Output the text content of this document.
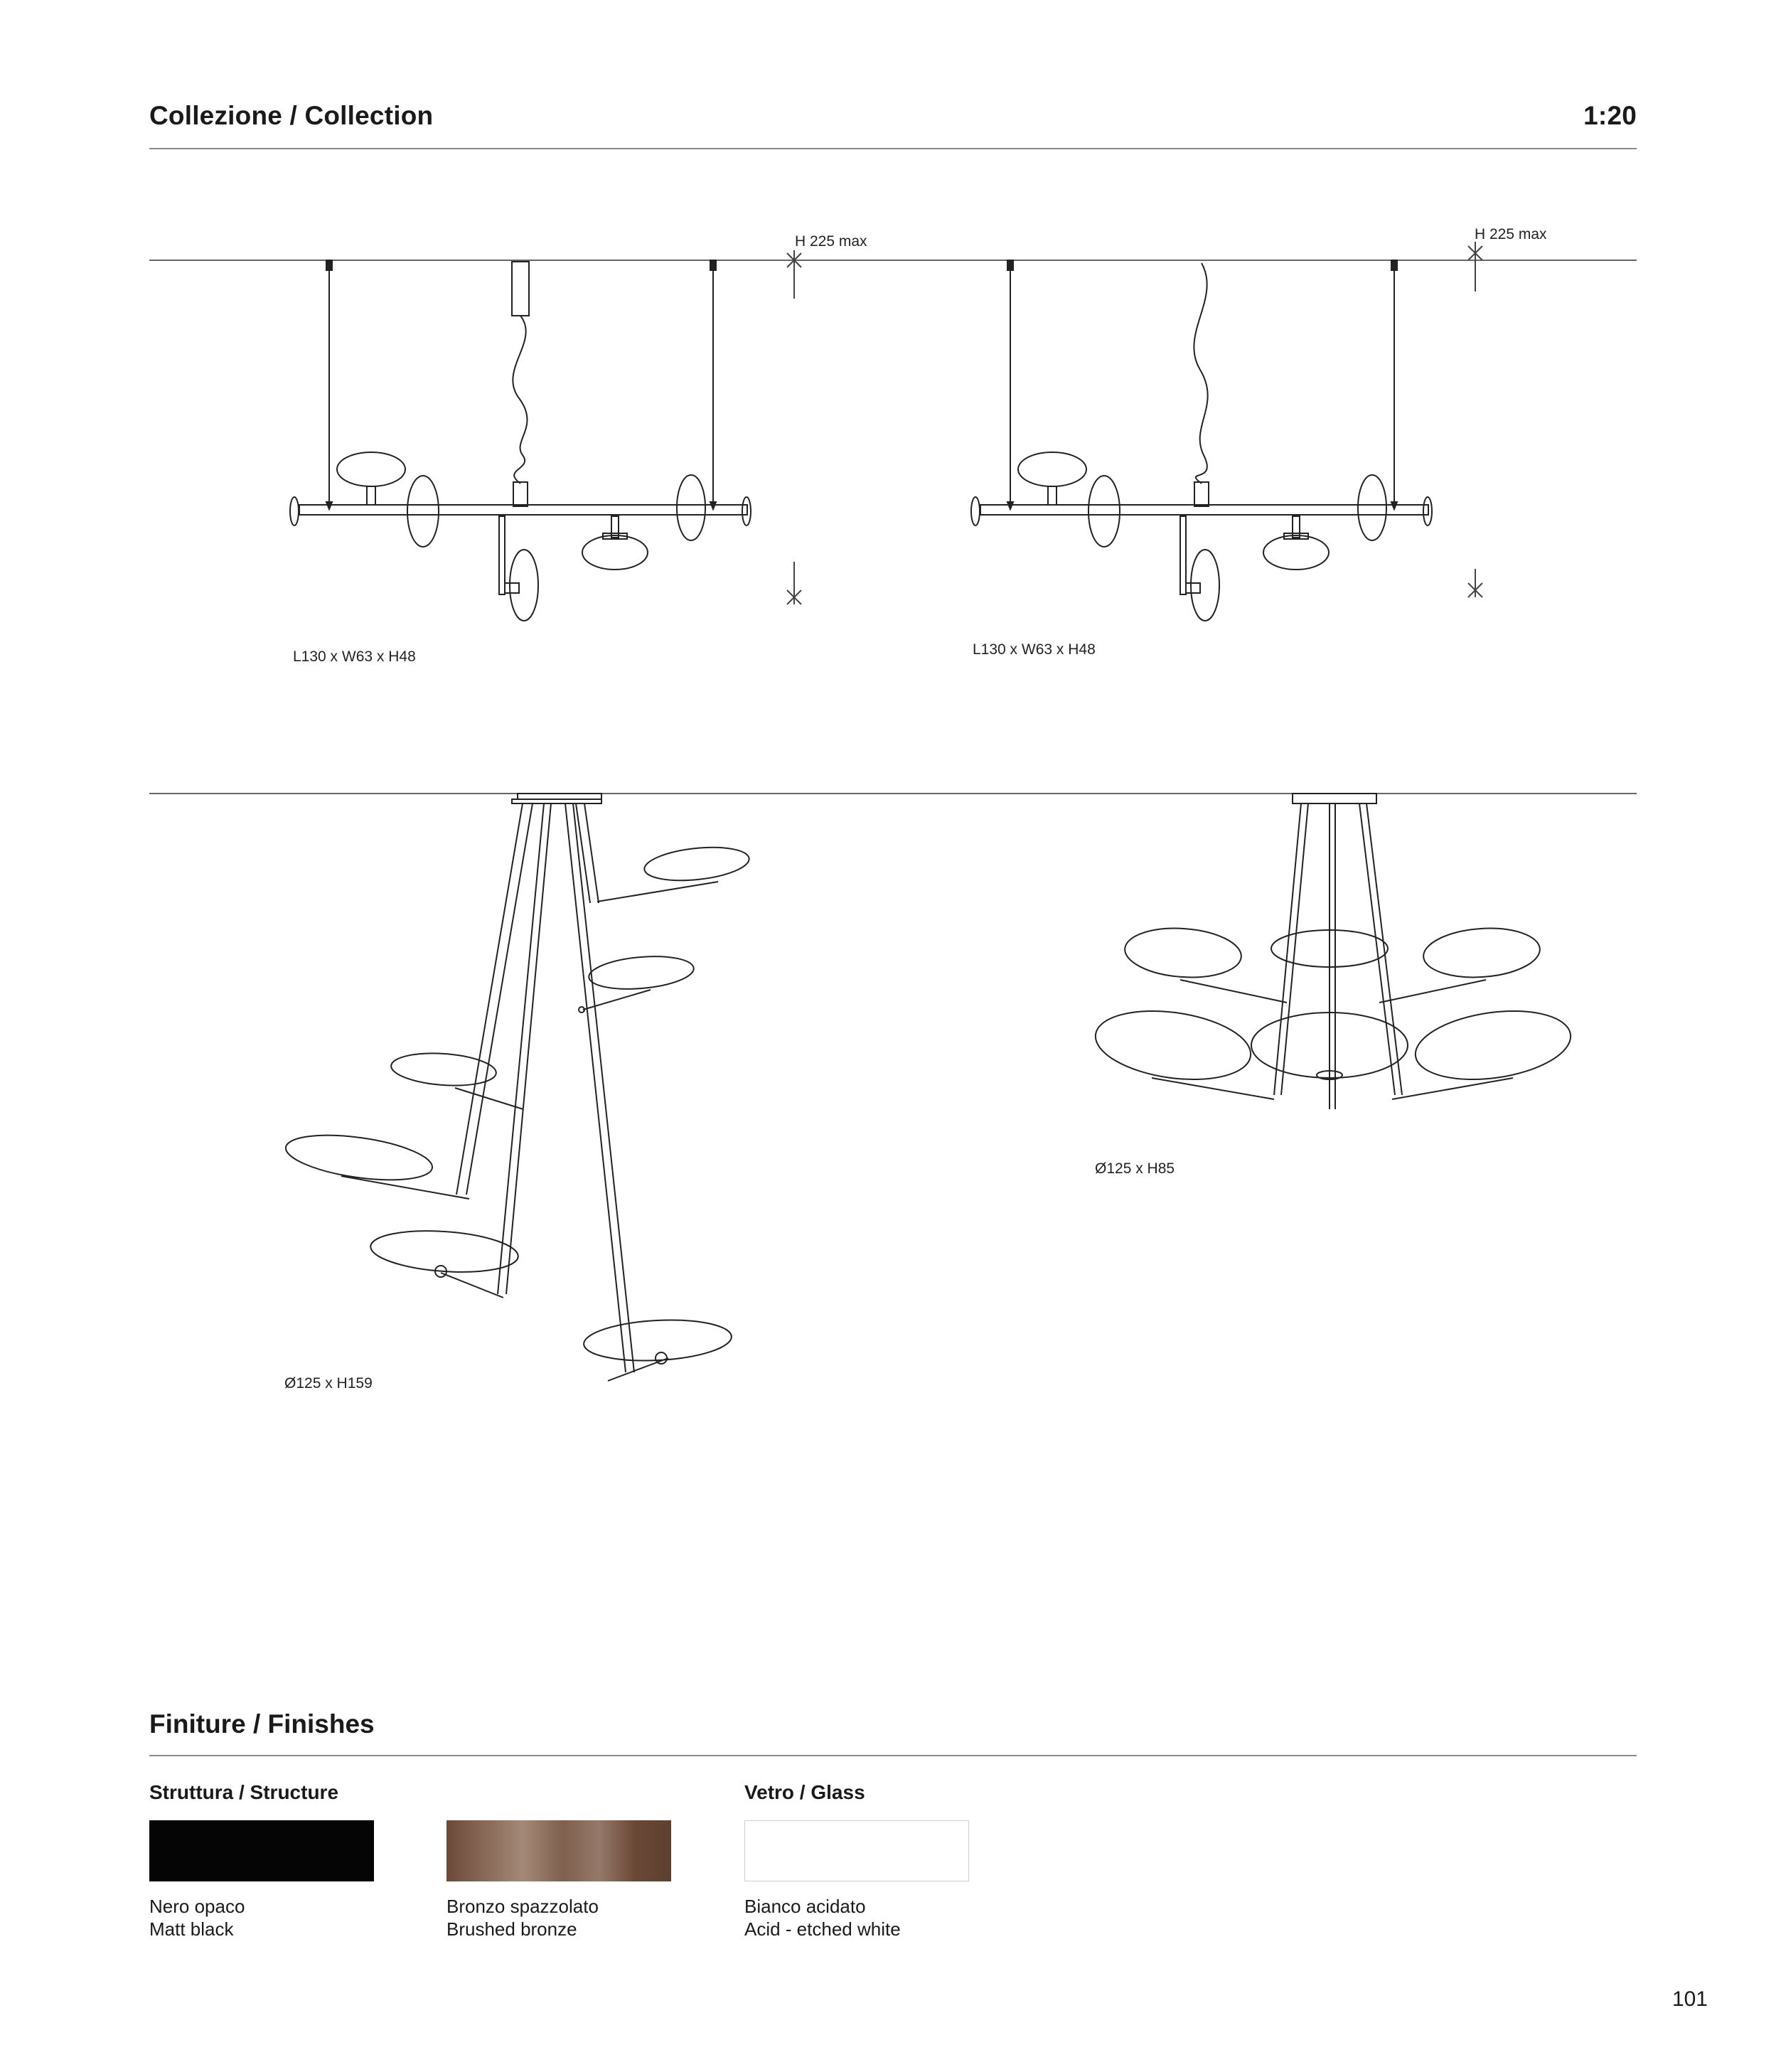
Collezione / Collection	1:20
H 225 max	H 225 max
L130 x W63 x H48	L130 x W63 x H48
Ø125 x H159
Ø125 x H85
Finiture / Finishes
Struttura / Structure	Vetro / Glass
Nero opaco
Matt black
Bronzo spazzolato
Brushed bronze
Bianco acidato
Acid - etched white
101
